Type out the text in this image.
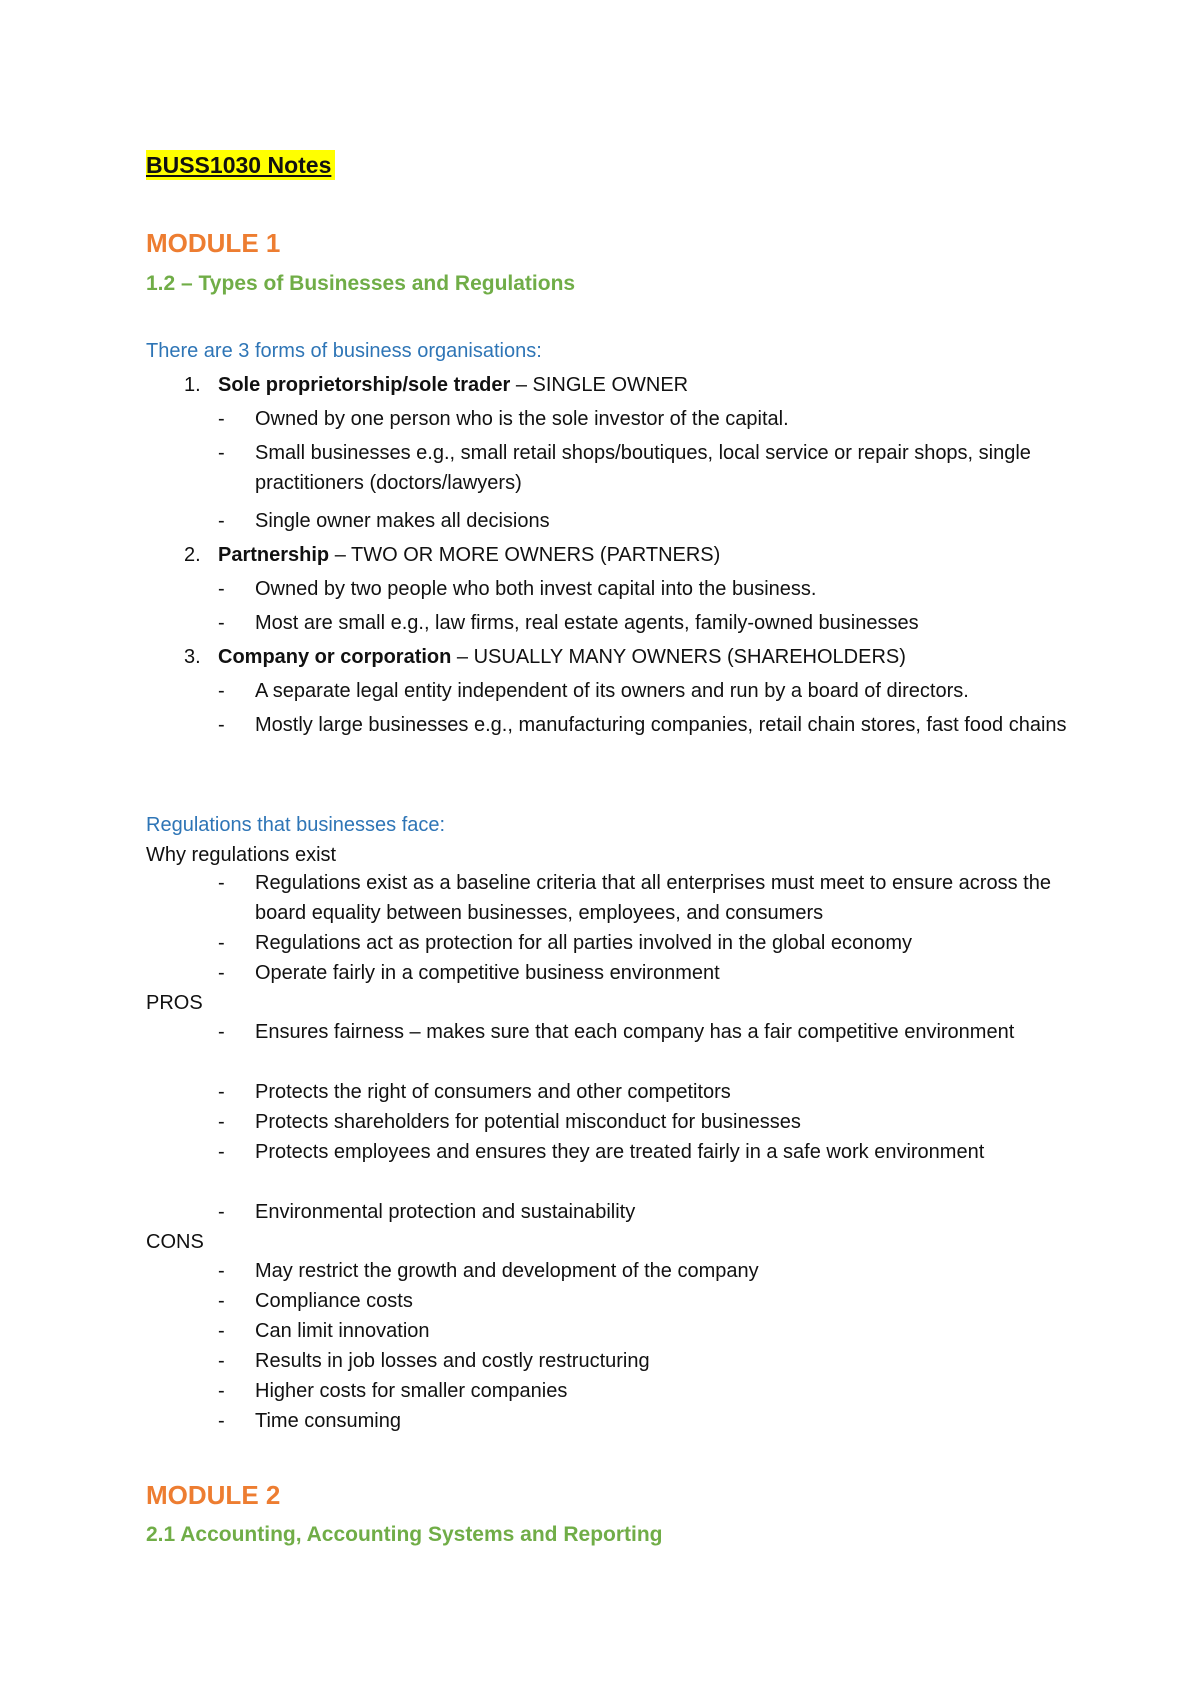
BUSS1030 Notes
MODULE 1
1.2 – Types of Businesses and Regulations
There are 3 forms of business organisations:
1. Sole proprietorship/sole trader – SINGLE OWNER
-	Owned by one person who is the sole investor of the capital.
-	Small businesses e.g., small retail shops/boutiques, local service or repair shops, single practitioners (doctors/lawyers)
-	Single owner makes all decisions
2. Partnership – TWO OR MORE OWNERS (PARTNERS)
-	Owned by two people who both invest capital into the business.
-	Most are small e.g., law firms, real estate agents, family-owned businesses
3. Company or corporation – USUALLY MANY OWNERS (SHAREHOLDERS)
-	A separate legal entity independent of its owners and run by a board of directors.
-	Mostly large businesses e.g., manufacturing companies, retail chain stores, fast food chains
Regulations that businesses face:
Why regulations exist
-	Regulations exist as a baseline criteria that all enterprises must meet to ensure across the board equality between businesses, employees, and consumers
-	Regulations act as protection for all parties involved in the global economy
-	Operate fairly in a competitive business environment
PROS
-	Ensures fairness – makes sure that each company has a fair competitive environment
-	Protects the right of consumers and other competitors
-	Protects shareholders for potential misconduct for businesses
-	Protects employees and ensures they are treated fairly in a safe work environment
-	Environmental protection and sustainability
CONS
-	May restrict the growth and development of the company
-	Compliance costs
-	Can limit innovation
-	Results in job losses and costly restructuring
-	Higher costs for smaller companies
-	Time consuming
MODULE 2
2.1 Accounting, Accounting Systems and Reporting
